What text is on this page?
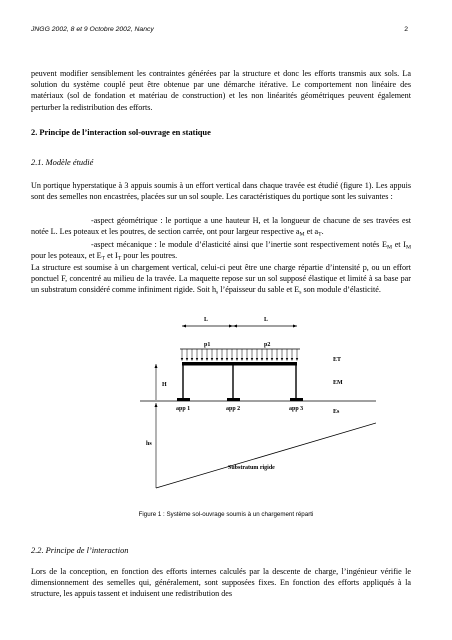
JNGG 2002, 8 et 9 Octobre 2002, Nancy	2

peuvent modifier sensiblement les contraintes générées par la structure et donc les efforts transmis aux sols. La solution du système couplé peut être obtenue par une démarche itérative. Le comportement non linéaire des matériaux (sol de fondation et matériau de construction) et les non linéarités géométriques peuvent également perturber la redistribution des efforts.

2. Principe de l’interaction sol-ouvrage en statique
2.1. Modèle étudié

Un portique hyperstatique à 3 appuis soumis à un effort vertical dans chaque travée est étudié (figure 1). Les appuis sont des semelles non encastrées, placées sur un sol souple. Les caractéristiques du portique sont les suivantes :

-aspect géométrique : le portique a une hauteur H, et la longueur de chacune de ses travées est notée L. Les poteaux et les poutres, de section carrée, ont pour largeur respective $a_M$ et $a_T$.

-aspect mécanique : le module d’élasticité ainsi que l’inertie sont respectivement notés $E_M$ et $I_M$ pour les poteaux, et $E_T$ et $I_T$ pour les poutres.

La structure est soumise à un chargement vertical, celui-ci peut être une charge répartie d’intensité p, ou un effort ponctuel F, concentré au milieu de la travée. La maquette repose sur un sol supposé élastique et limité à sa base par un substratum considéré comme infiniment rigide. Soit $h_s$ l’épaisseur du sable et $E_s$ son module d’élasticité.

L	L
p1	p2
H
hs
ET
EM
Es
app 1	app 2	app 3
Substratum rigide
Figure 1 : Système sol-ouvrage soumis à un chargement réparti
2.2. Principe de l’interaction

Lors de la conception, en fonction des efforts internes calculés par la descente de charge, l’ingénieur vérifie le dimensionnement des semelles qui, généralement, sont supposées fixes. En fonction des efforts appliqués à la structure, les appuis tassent et induisent une redistribution des
